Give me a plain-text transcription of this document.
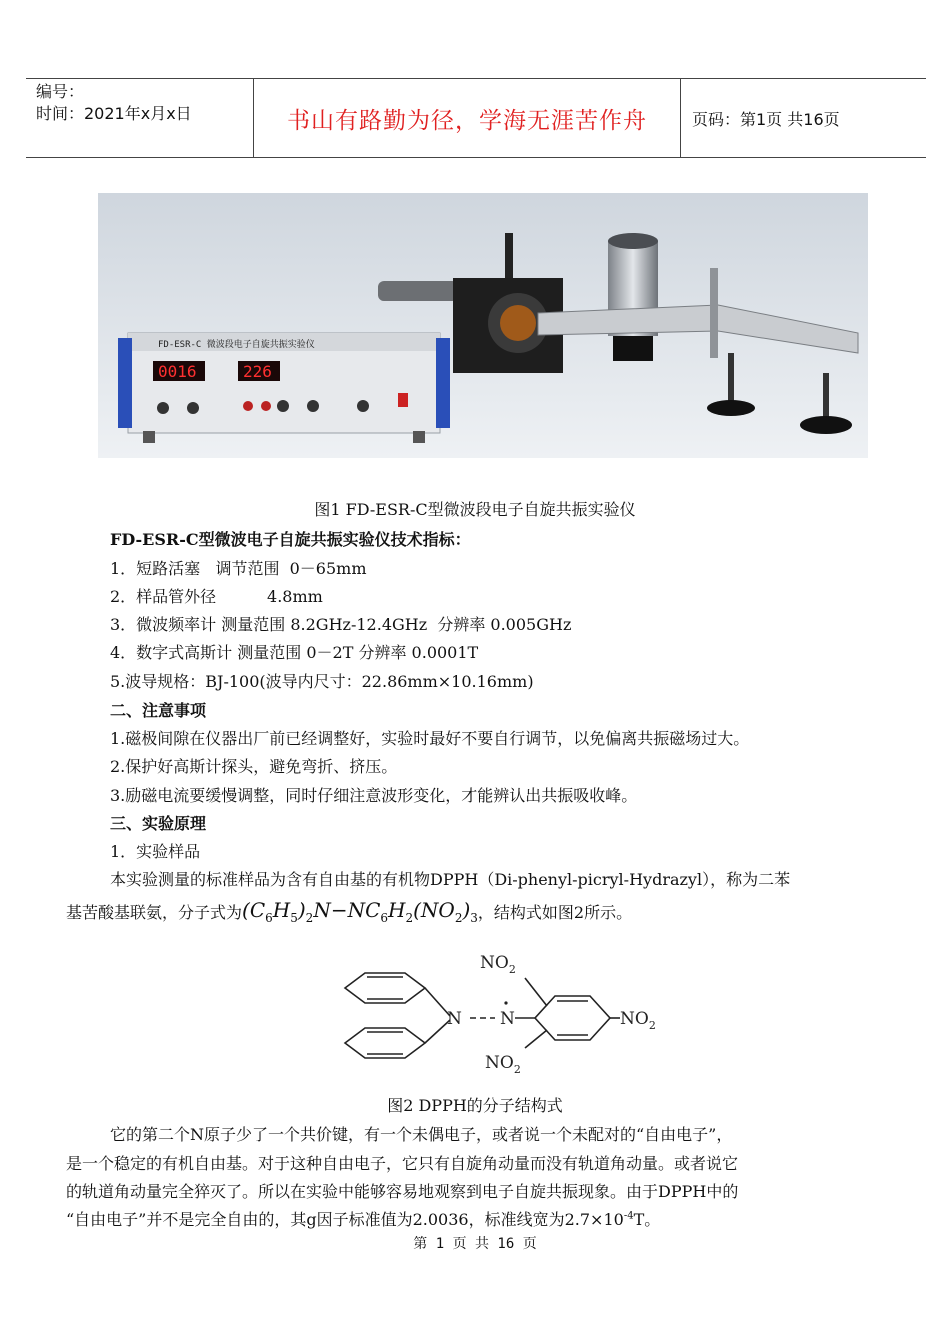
编号：
时间：2021年x月x日	书山有路勤为径，学海无涯苦作舟	页码：第1页 共16页
FD-ESR-C 微波段电子自旋共振实验仪
0016	226
图1 FD-ESR-C型微波段电子自旋共振实验仪
FD-ESR-C型微波电子自旋共振实验仪技术指标：
1．短路活塞   调节范围  0－65mm
2．样品管外径          4.8mm
3．微波频率计 测量范围 8.2GHz-12.4GHz  分辨率 0.005GHz
4．数字式高斯计 测量范围 0－2T 分辨率 0.0001T
5.波导规格：BJ-100(波导内尺寸：22.86mm×10.16mm)
二、注意事项
1.磁极间隙在仪器出厂前已经调整好，实验时最好不要自行调节，以免偏离共振磁场过大。
2.保护好高斯计探头，避免弯折、挤压。
3.励磁电流要缓慢调整，同时仔细注意波形变化，才能辨认出共振吸收峰。
三、实验原理
1．实验样品
本实验测量的标准样品为含有自由基的有机物DPPH（Di-phenyl-picryl-Hydrazyl），称为二苯
基苦酸基联氨，分子式为 $(C_6H_5)_2N-NC_6H_2(NO_2)_3$ ，结构式如图2所示。
N N
$NO_2$
$NO_2$
$NO_2$
图2 DPPH的分子结构式
它的第二个N原子少了一个共价键，有一个未偶电子，或者说一个未配对的“自由电子”，
是一个稳定的有机自由基。对于这种自由电子，它只有自旋角动量而没有轨道角动量。或者说它
的轨道角动量完全猝灭了。所以在实验中能够容易地观察到电子自旋共振现象。由于DPPH中的
“自由电子”并不是完全自由的，其g因子标准值为2.0036，标准线宽为$2.7\times 10^{-4}T$。
第 1 页 共 16 页
